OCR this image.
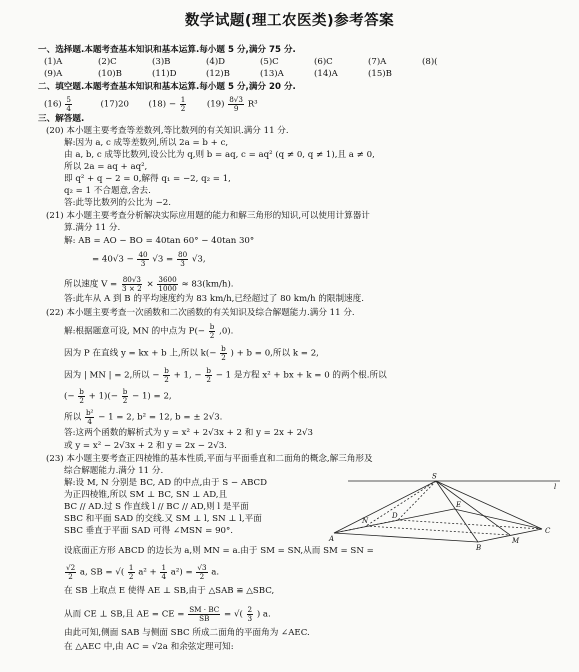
数学试题(理工农医类)参考答案
一、选择题.本题考查基本知识和基本运算.每小题 5 分,满分 75 分.
(1)A	(2)C	(3)B	(4)D	(5)C	(6)C	(7)A	(8)(
(9)A	(10)B	(11)D	(12)B	(13)A	(14)A	(15)B
二、填空题.本题考查基本知识和基本运算.每小题 5 分,满分 20 分.
$(16) \frac{5}{4}$	(17)20 $(18) - \frac{1}{2} (19) \frac{8√3}{9} R^3$
三、解答题.
(20) 本小题主要考查等差数列,等比数列的有关知识.满分 11 分.
解:因为 a, c 成等差数列,所以 2a = b + c,
由 a, b, c 成等比数列,设公比为 q,则 b = aq, c = aq² (q ≠ 0, q ≠ 1),且 a ≠ 0,
所以 2a = aq + aq²,
即 q² + q − 2 = 0,解得 q₁ = −2, q₂ = 1,
q₂ = 1 不合题意,舍去.
答:此等比数列的公比为 −2.
(21) 本小题主要考查分析解决实际应用题的能力和解三角形的知识,可以使用计算器计
算.满分 11 分.
解: AB = AO − BO = 40tan 60° − 40tan 30°
= $40√3 - \frac{40}{3} √3 = \frac{80}{3} √3$,
所以速度 $V = \frac{80√3}{3 \times 2} \times \frac{3600}{1000} \approx 83(km/h)$.
答:此车从 A 到 B 的平均速度约为 83 km/h,已经超过了 80 km/h 的限制速度.
(22) 本小题主要考查一次函数和二次函数的有关知识及综合解题能力.满分 11 分.
解:根据题意可设, MN 的中点为 $P(- \frac{b}{2} ,0)$.
因为 P 在直线 y = kx + b 上,所以 $k(- \frac{b}{2}$ ) + b = 0,所以 k = 2,
因为 | MN | = 2,所以 − $\frac{b}{2} + 1$, − $\frac{b}{2} - 1$ 是方程 x² + bx + k = 0 的两个根.所以
(− $\frac{b}{2} + 1)(- \frac{b}{2} - 1) = 2$,
所以 $\frac{\text{b²}}{4} - 1 = 2$, b² = 12, b = ± 2√3.
答:这两个函数的解析式为 y = x² + 2√3x + 2 和 y = 2x + 2√3
或 y = x² − 2√3x + 2 和 y = 2x − 2√3.
(23) 本小题主要考查正四棱锥的基本性质,平面与平面垂直和二面角的概念,解三角形及
综合解题能力.满分 11 分.
解:设 M, N 分别是 BC, AD 的中点,由于 S − ABCD
为正四棱锥,所以 SM ⊥ BC, SN ⊥ AD,且
BC // AD.过 S 作直线 l // BC // AD,则 l 是平面
SBC 和平面 SAD 的交线.又 SM ⊥ l, SN ⊥ l,平面
SBC 垂直于平面 SAD 可得 ∠MSN = 90°.
设底面正方形 ABCD 的边长为 a,则 MN = a.由于 SM = SN,从而 SM = SN =
$\frac{√2}{2} a$, SB = √( $\frac{1}{2} a^2 + \frac{1}{4} a^2) = \frac{√3}{2} a$.
在 SB 上取点 E 使得 AE ⊥ SB,由于 △SAB ≌ △SBC,
从而 CE ⊥ SB,且 AE = CE = $\frac{SM \cdot BC}{SB}$ = √( $\frac{2}{3}$ ) a.
由此可知,侧面 SAB 与侧面 SBC 所成二面角的平面角为 ∠AEC.
在 △AEC 中,由 AC = √2a 和余弦定理可知:
S
A
B
C
D
E
M
N
l
